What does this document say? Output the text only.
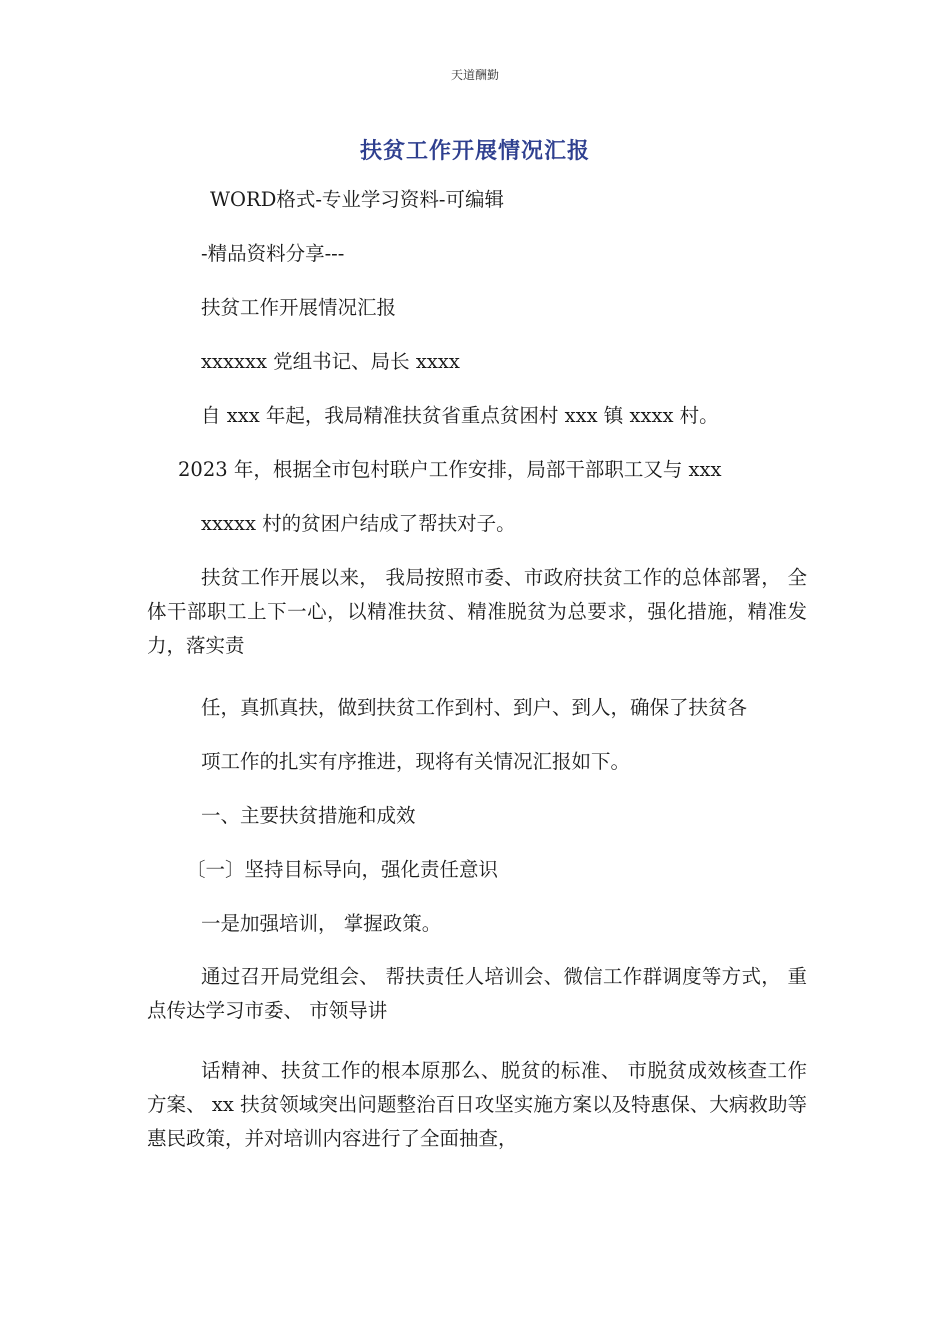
天道酬勤
扶贫工作开展情况汇报
WORD格式-专业学习资料-可编辑
-精品资料分享---
扶贫工作开展情况汇报
xxxxxx 党组书记、局长 xxxx
自 xxx 年起，我局精准扶贫省重点贫困村 xxx 镇 xxxx 村。
2023 年，根据全市包村联户工作安排，局部干部职工又与 xxx
xxxxx 村的贫困户结成了帮扶对子。
扶贫工作开展以来， 我局按照市委、市政府扶贫工作的总体部署， 全体干部职工上下一心，以精准扶贫、精准脱贫为总要求，强化措施，精准发力，落实责
任，真抓真扶，做到扶贫工作到村、到户、到人，确保了扶贫各
项工作的扎实有序推进，现将有关情况汇报如下。
一、主要扶贫措施和成效
〔一〕坚持目标导向，强化责任意识
一是加强培训， 掌握政策。
通过召开局党组会、 帮扶责任人培训会、微信工作群调度等方式， 重点传达学习市委、 市领导讲
话精神、扶贫工作的根本原那么、脱贫的标准、 市脱贫成效核查工作方案、 xx 扶贫领域突出问题整治百日攻坚实施方案以及特惠保、大病救助等惠民政策，并对培训内容进行了全面抽查，
